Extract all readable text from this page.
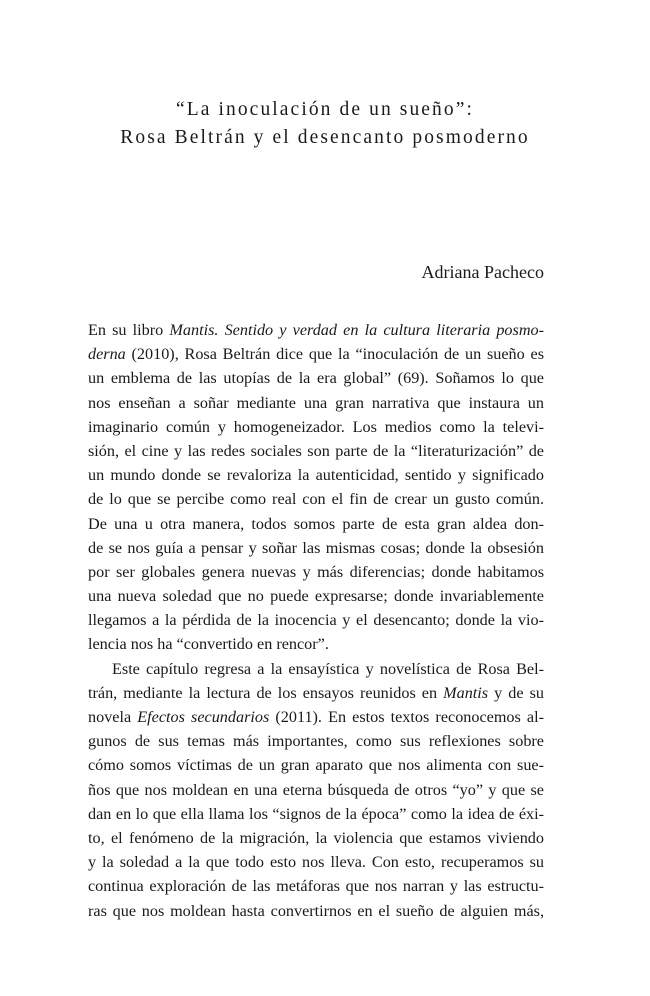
“La inoculación de un sueño”:
Rosa Beltrán y el desencanto posmoderno
Adriana Pacheco
En su libro Mantis. Sentido y verdad en la cultura literaria posmo-
derna (2010), Rosa Beltrán dice que la “inoculación de un sueño es
un emblema de las utopías de la era global” (69). Soñamos lo que
nos enseñan a soñar mediante una gran narrativa que instaura un
imaginario común y homogeneizador. Los medios como la televi-
sión, el cine y las redes sociales son parte de la “literaturización” de
un mundo donde se revaloriza la autenticidad, sentido y significado
de lo que se percibe como real con el fin de crear un gusto común.
De una u otra manera, todos somos parte de esta gran aldea don-
de se nos guía a pensar y soñar las mismas cosas; donde la obsesión
por ser globales genera nuevas y más diferencias; donde habitamos
una nueva soledad que no puede expresarse; donde invariablemente
llegamos a la pérdida de la inocencia y el desencanto; donde la vio-
lencia nos ha “convertido en rencor”.
Este capítulo regresa a la ensayística y novelística de Rosa Bel-
trán, mediante la lectura de los ensayos reunidos en Mantis y de su
novela Efectos secundarios (2011). En estos textos reconocemos al-
gunos de sus temas más importantes, como sus reflexiones sobre
cómo somos víctimas de un gran aparato que nos alimenta con sue-
ños que nos moldean en una eterna búsqueda de otros “yo” y que se
dan en lo que ella llama los “signos de la época” como la idea de éxi-
to, el fenómeno de la migración, la violencia que estamos viviendo
y la soledad a la que todo esto nos lleva. Con esto, recuperamos su
continua exploración de las metáforas que nos narran y las estructu-
ras que nos moldean hasta convertirnos en el sueño de alguien más,
